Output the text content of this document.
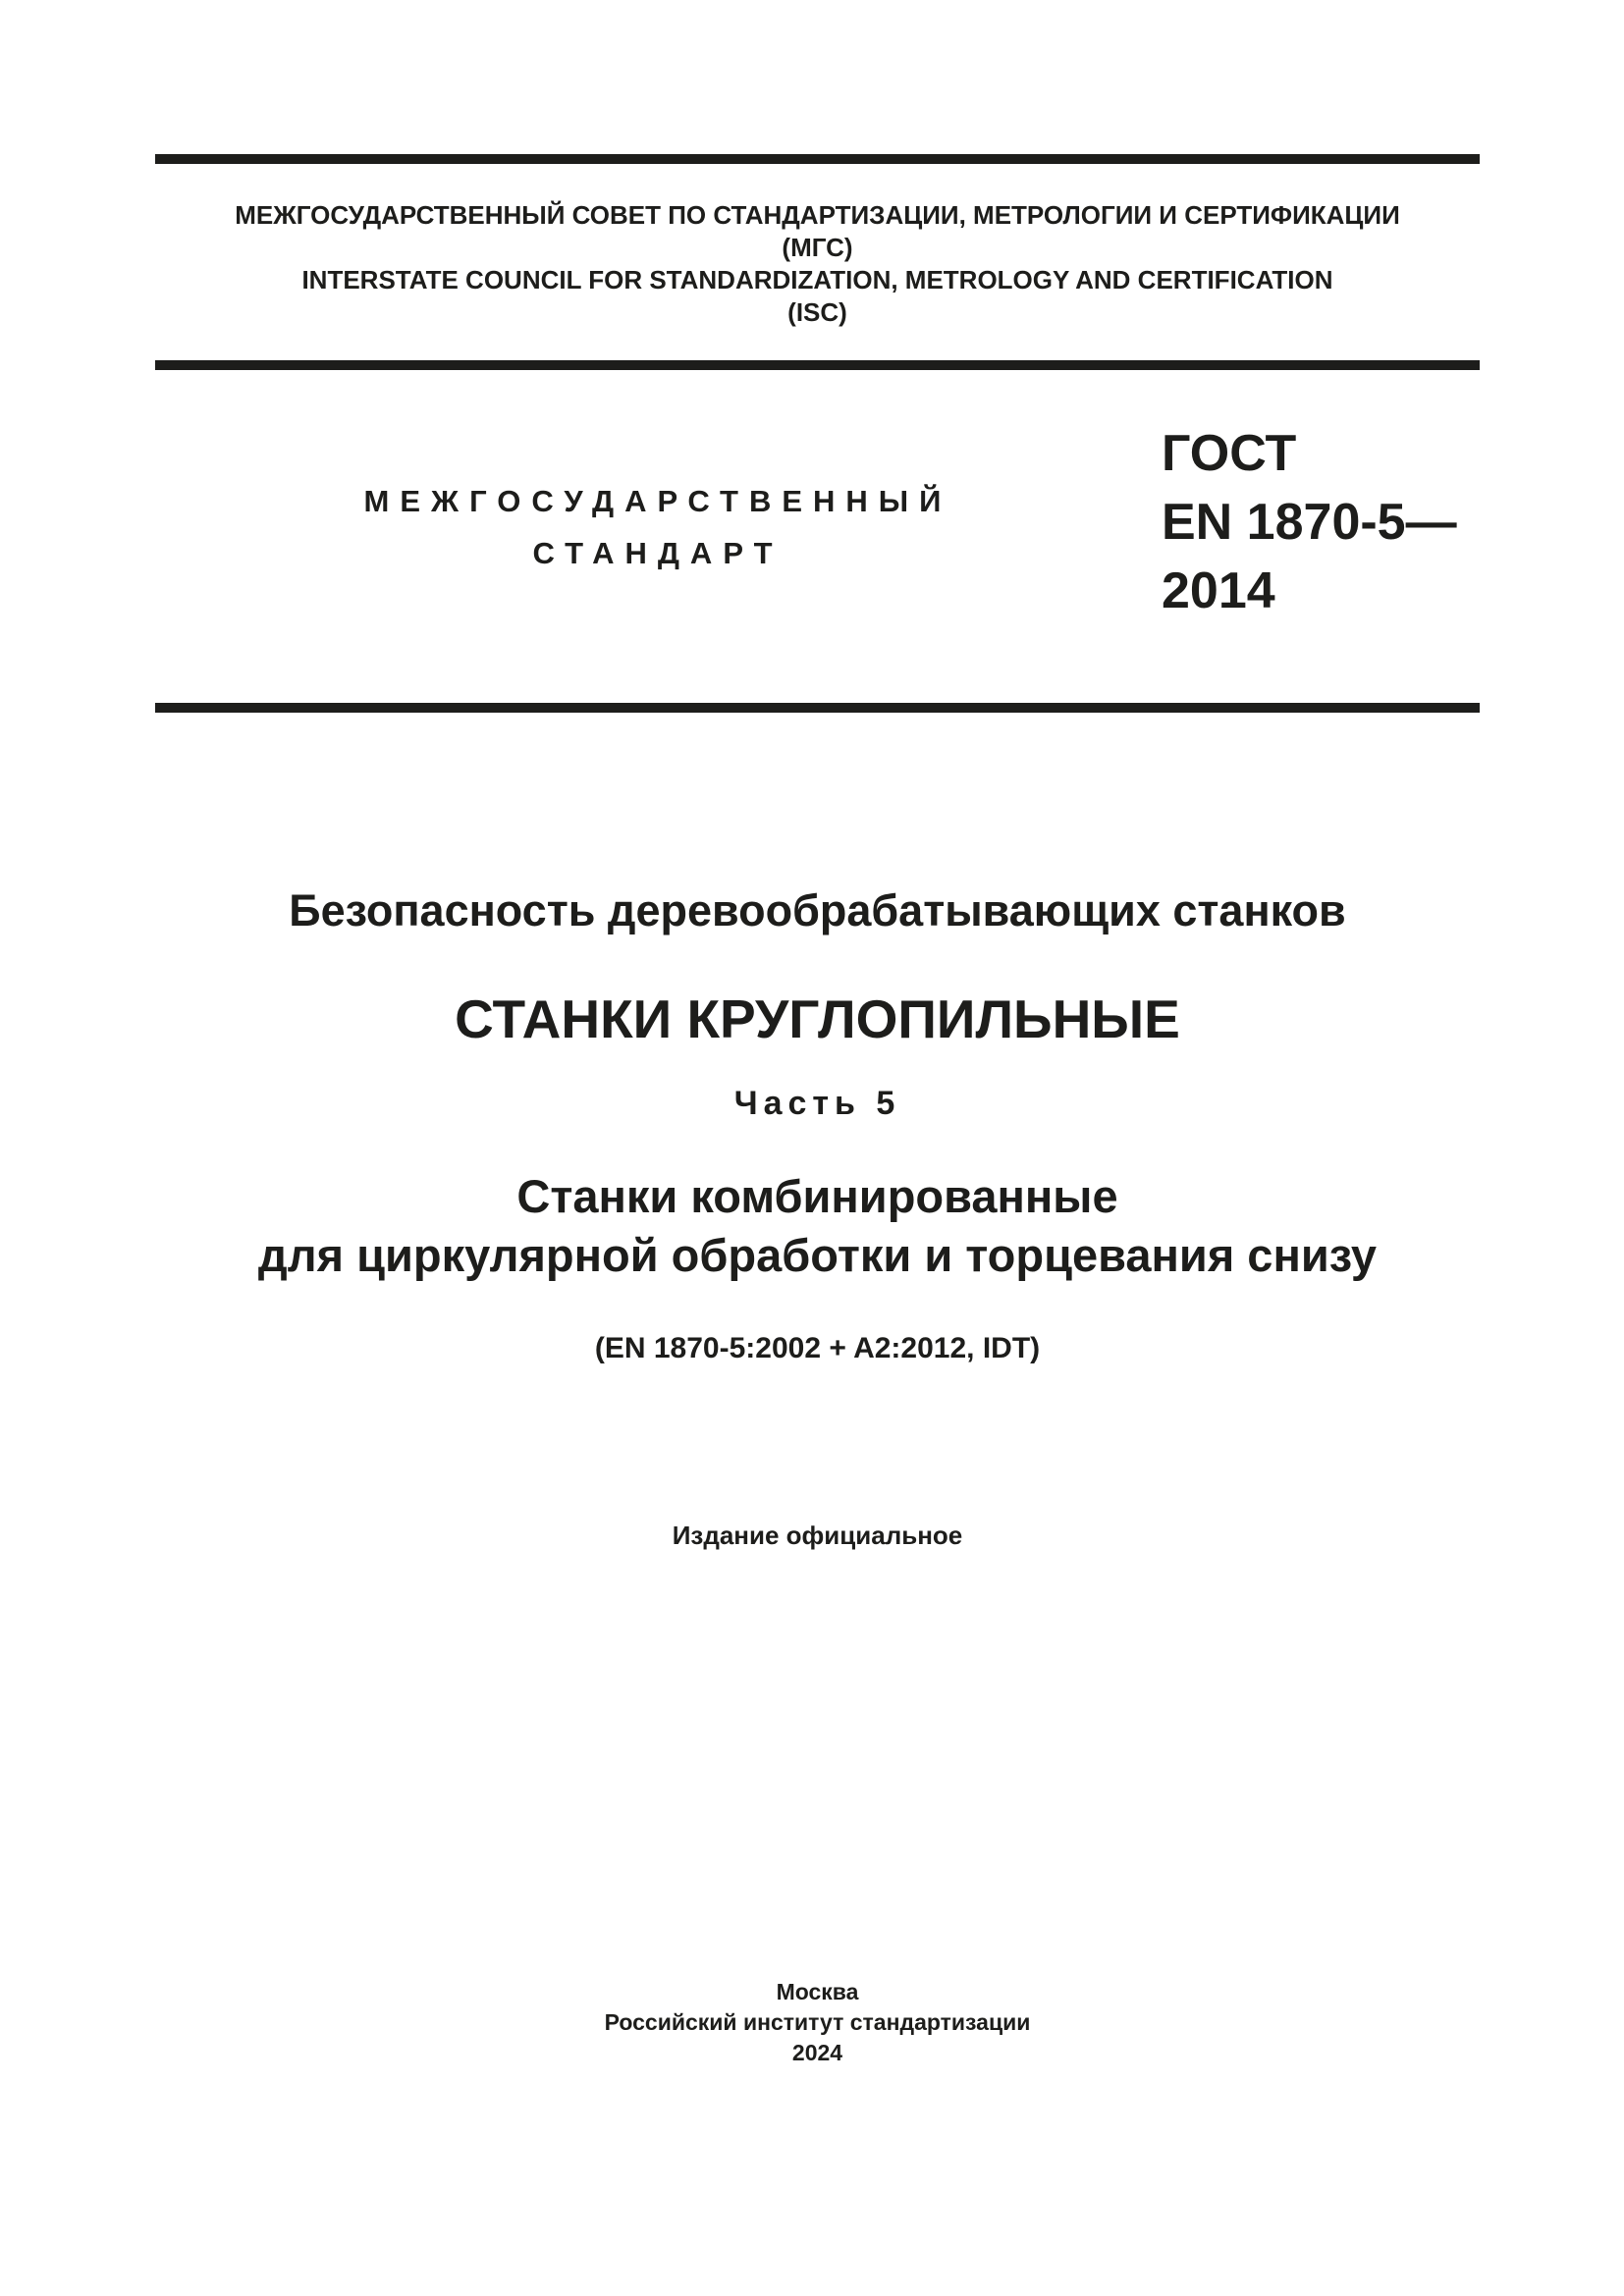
МЕЖГОСУДАРСТВЕННЫЙ СОВЕТ ПО СТАНДАРТИЗАЦИИ, МЕТРОЛОГИИ И СЕРТИФИКАЦИИ
(МГС)
INTERSTATE COUNCIL FOR STANDARDIZATION, METROLOGY AND CERTIFICATION
(ISC)
МЕЖГОСУДАРСТВЕННЫЙ
СТАНДАРТ
ГОСТ
EN 1870-5—
2014
Безопасность деревообрабатывающих станков
СТАНКИ КРУГЛОПИЛЬНЫЕ
Часть 5
Станки комбинированные
для циркулярной обработки и торцевания снизу
(EN 1870-5:2002 + A2:2012, IDT)
Издание официальное
Москва
Российский институт стандартизации
2024
